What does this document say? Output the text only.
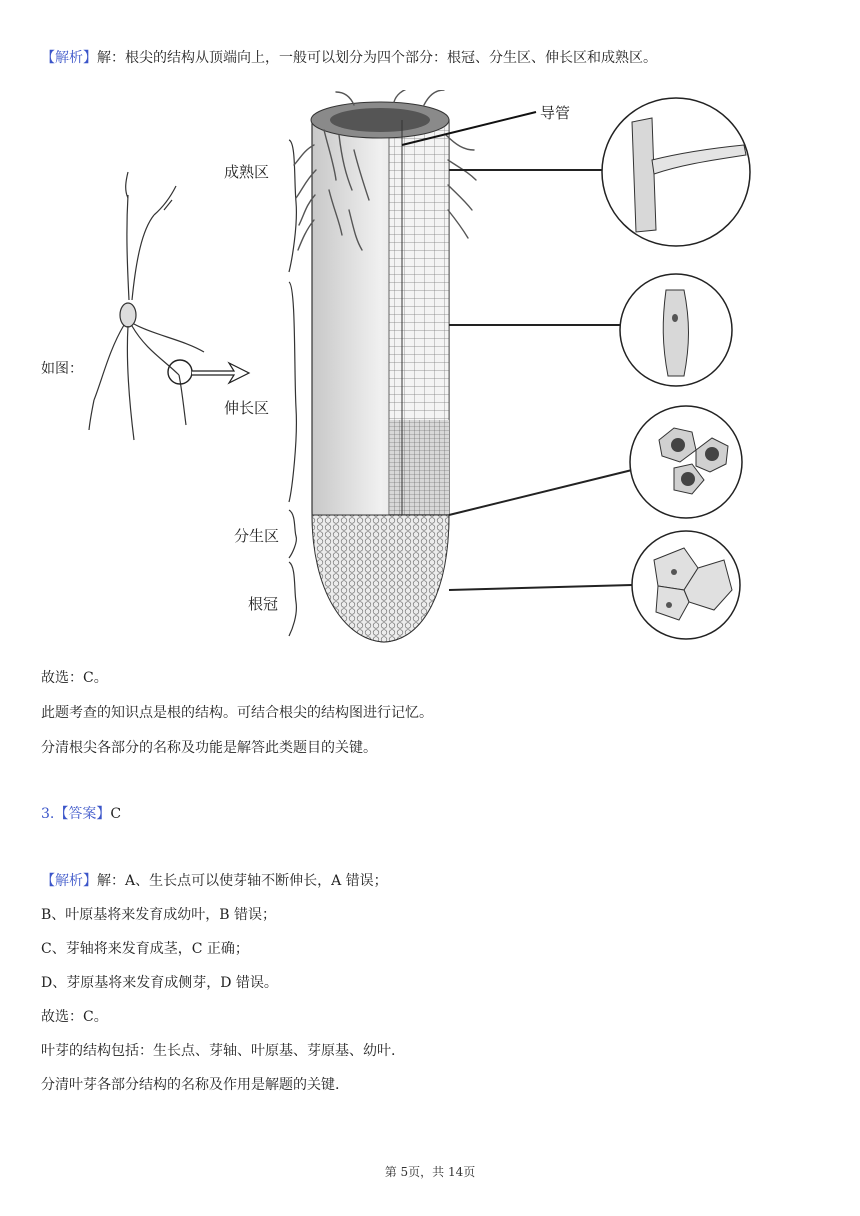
【解析】解：根尖的结构从顶端向上，一般可以划分为四个部分：根冠、分生区、伸长区和成熟区。
如图：
成熟区
伸长区
分生区
根冠
导管
故选：C。
此题考查的知识点是根的结构。可结合根尖的结构图进行记忆。
分清根尖各部分的名称及功能是解答此类题目的关键。
3.【答案】C
【解析】解：A、生长点可以使芽轴不断伸长，A 错误；
B、叶原基将来发育成幼叶，B 错误；
C、芽轴将来发育成茎，C 正确；
D、芽原基将来发育成侧芽，D 错误。
故选：C。
叶芽的结构包括：生长点、芽轴、叶原基、芽原基、幼叶.
分清叶芽各部分结构的名称及作用是解题的关键.
第 5页，共 14页
